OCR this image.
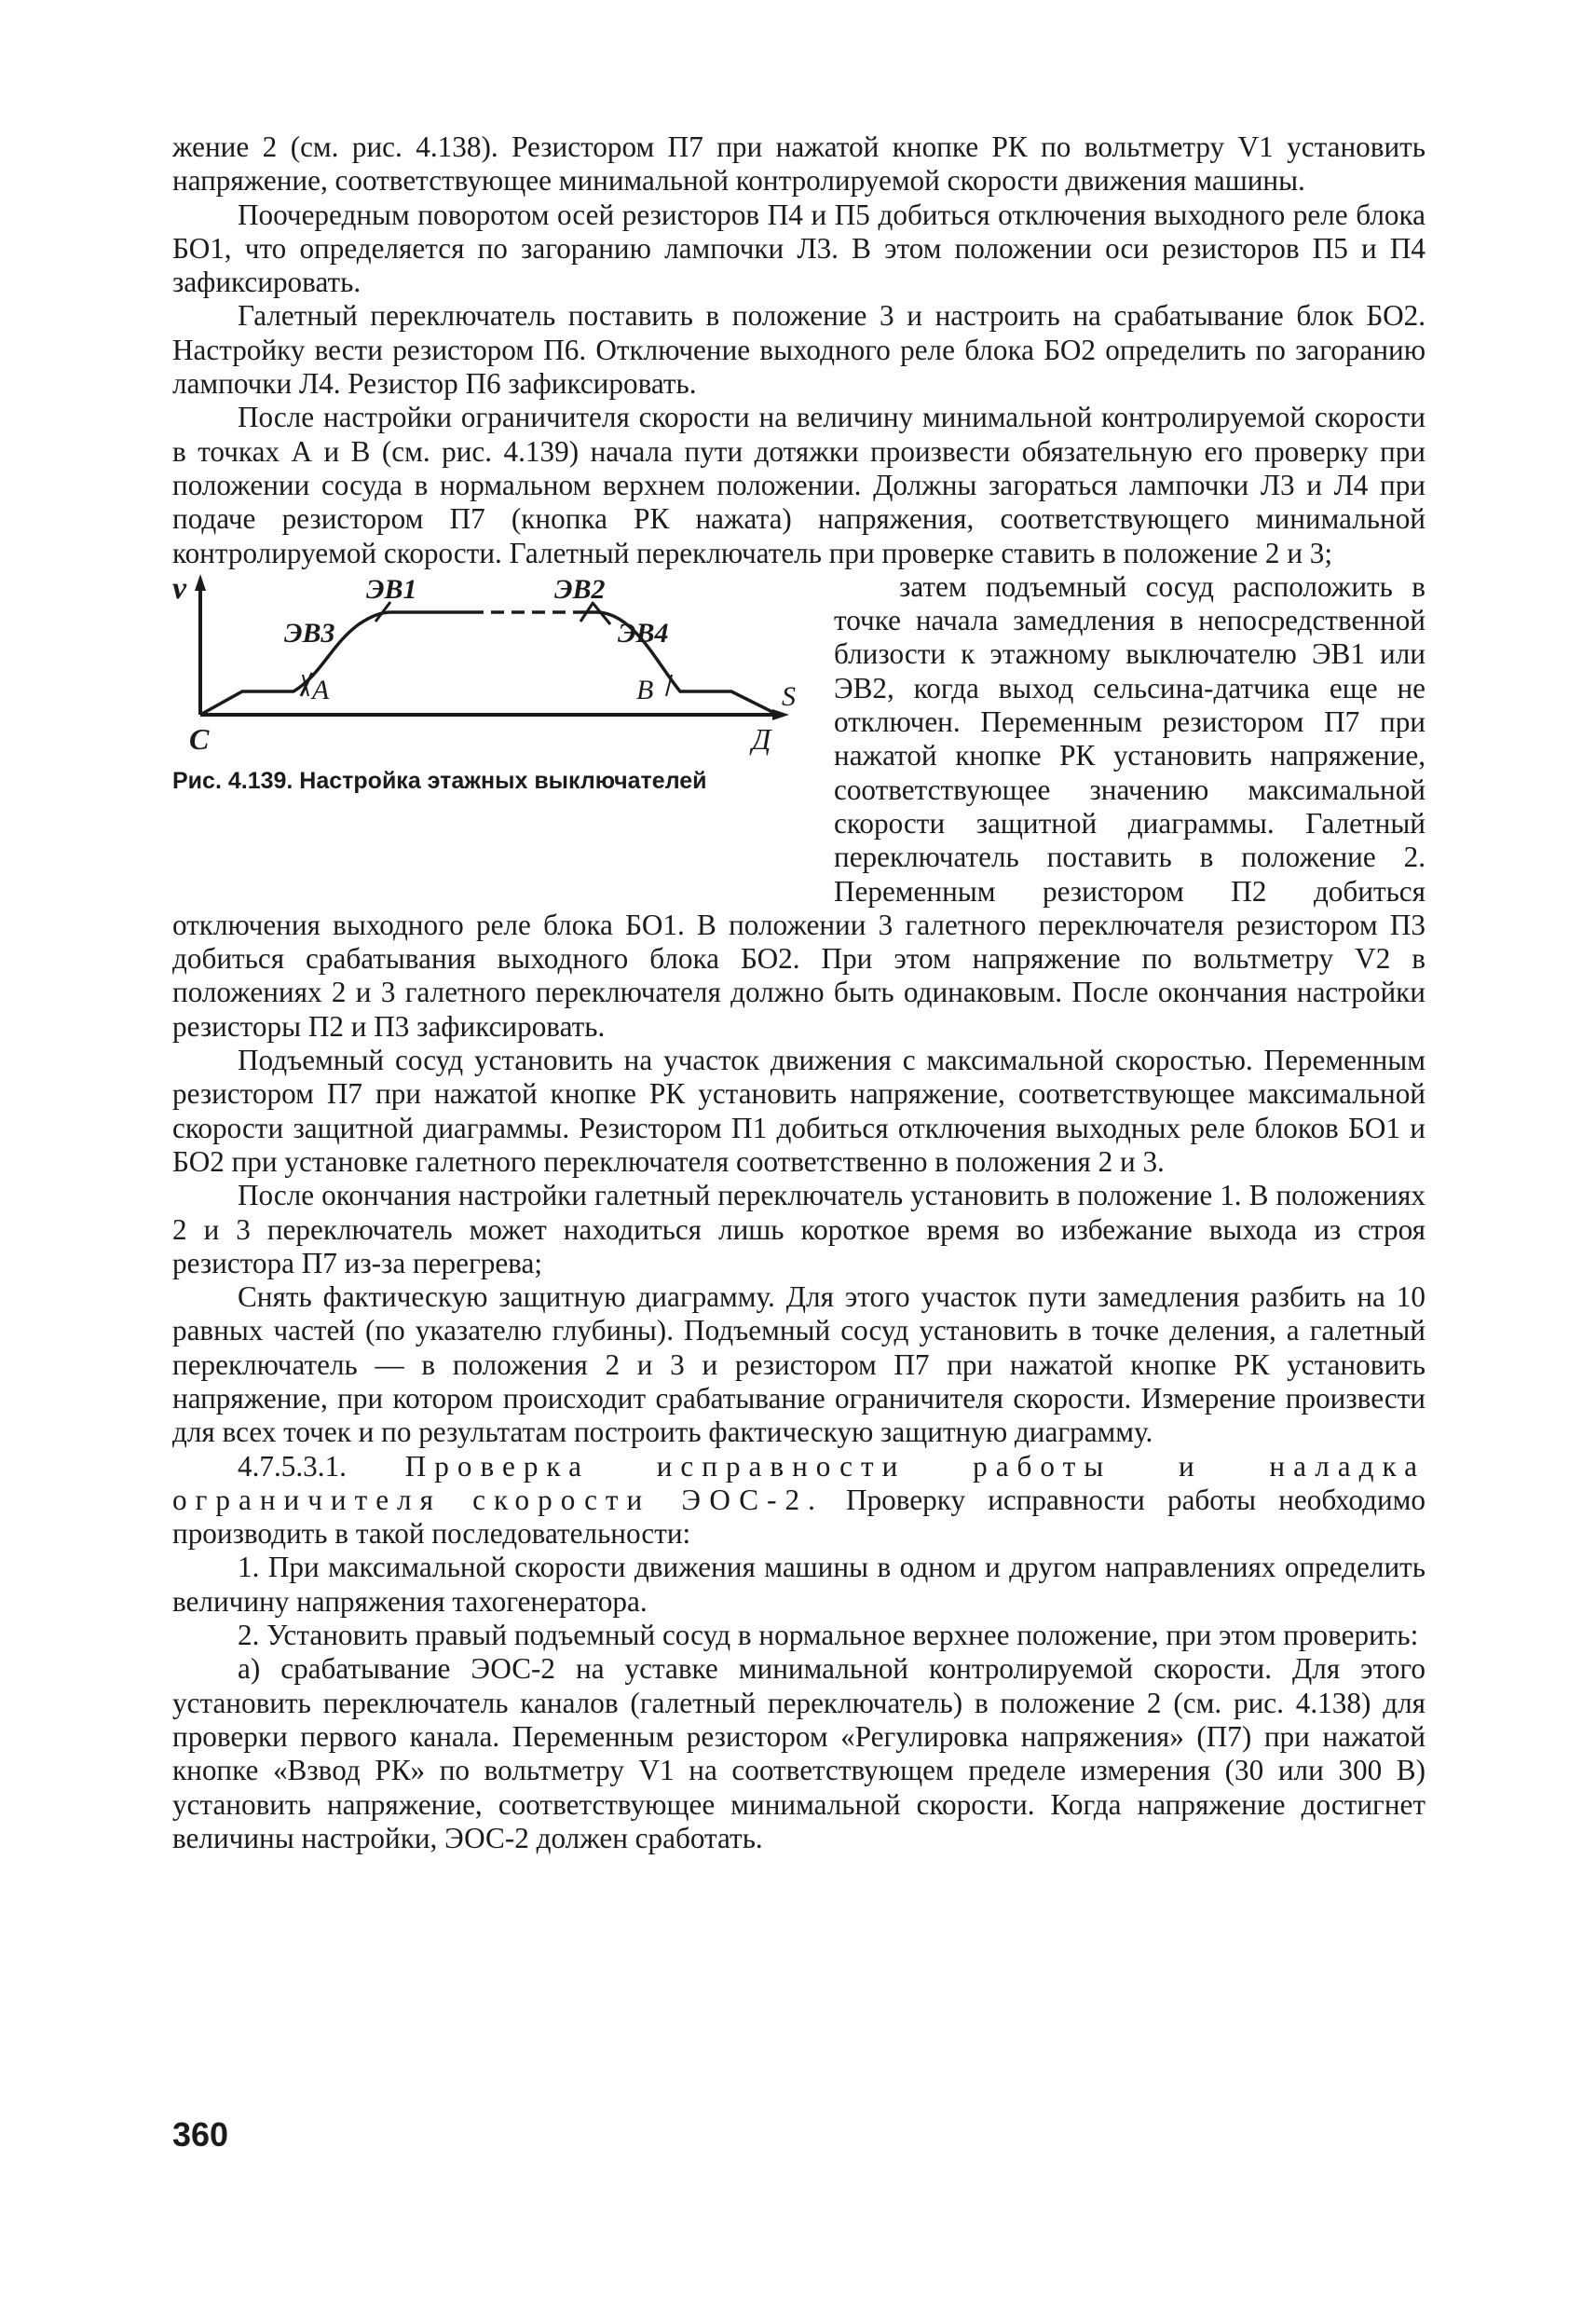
жение 2 (см. рис. 4.138). Резистором П7 при нажатой кнопке РК по вольтметру V1 установить напряжение, соответствующее минимальной контролируемой скорости движения машины.

Поочередным поворотом осей резисторов П4 и П5 добиться отключения выходного реле блока БО1, что определяется по загоранию лампочки Л3. В этом положении оси резисторов П5 и П4 зафиксировать.

Галетный переключатель поставить в положение 3 и настроить на срабатывание блок БО2. Настройку вести резистором П6. Отключение выходного реле блока БО2 определить по загоранию лампочки Л4. Резистор П6 зафиксировать.

После настройки ограничителя скорости на величину минимальной контролируемой скорости в точках А и В (см. рис. 4.139) начала пути дотяжки произвести обязательную его проверку при положении сосуда в нормальном верхнем положении. Должны загораться лампочки Л3 и Л4 при подаче резистором П7 (кнопка РК нажата) напряжения, соответствующего минимальной контролируемой скорости. Галетный переключатель при проверке ставить в положение 2 и 3;

v	ЭВ1	ЭВ2
ЭВ3	ЭВ4
А	В	S
С	Д
Рис. 4.139. Настройка этажных выключателей

затем подъемный сосуд расположить в точке начала замедления в непосредственной близости к этажному выключателю ЭВ1 или ЭВ2, когда выход сельсина-датчика еще не отключен. Переменным резистором П7 при нажатой кнопке РК установить напряжение, соответствующее значению максимальной скорости защитной диаграммы. Галетный переключатель поставить в положение 2. Переменным резистором П2 добиться отключения выходного реле блока БО1. В положении 3 галетного переключателя резистором П3 добиться срабатывания выходного блока БО2. При этом напряжение по вольтметру V2 в положениях 2 и 3 галетного переключателя должно быть одинаковым. После окончания настройки резисторы П2 и П3 зафиксировать.

Подъемный сосуд установить на участок движения с максимальной скоростью. Переменным резистором П7 при нажатой кнопке РК установить напряжение, соответствующее максимальной скорости защитной диаграммы. Резистором П1 добиться отключения выходных реле блоков БО1 и БО2 при установке галетного переключателя соответственно в положения 2 и 3.

После окончания настройки галетный переключатель установить в положение 1. В положениях 2 и 3 переключатель может находиться лишь короткое время во избежание выхода из строя резистора П7 из-за перегрева;

Снять фактическую защитную диаграмму. Для этого участок пути замедления разбить на 10 равных частей (по указателю глубины). Подъемный сосуд установить в точке деления, а галетный переключатель — в положения 2 и 3 и резистором П7 при нажатой кнопке РК установить напряжение, при котором происходит срабатывание ограничителя скорости. Измерение произвести для всех точек и по результатам построить фактическую защитную диаграмму.

4.7.5.3.1. Проверка исправности работы и наладка ограничителя скорости ЭОС-2. Проверку исправности работы необходимо производить в такой последовательности:

1. При максимальной скорости движения машины в одном и другом направлениях определить величину напряжения тахогенератора.

2. Установить правый подъемный сосуд в нормальное верхнее положение, при этом проверить:

а) срабатывание ЭОС-2 на уставке минимальной контролируемой скорости. Для этого установить переключатель каналов (галетный переключатель) в положение 2 (см. рис. 4.138) для проверки первого канала. Переменным резистором «Регулировка напряжения» (П7) при нажатой кнопке «Взвод РК» по вольтметру V1 на соответствующем пределе измерения (30 или 300 В) установить напряжение, соответствующее минимальной скорости. Когда напряжение достигнет величины настройки, ЭОС-2 должен сработать.

360
